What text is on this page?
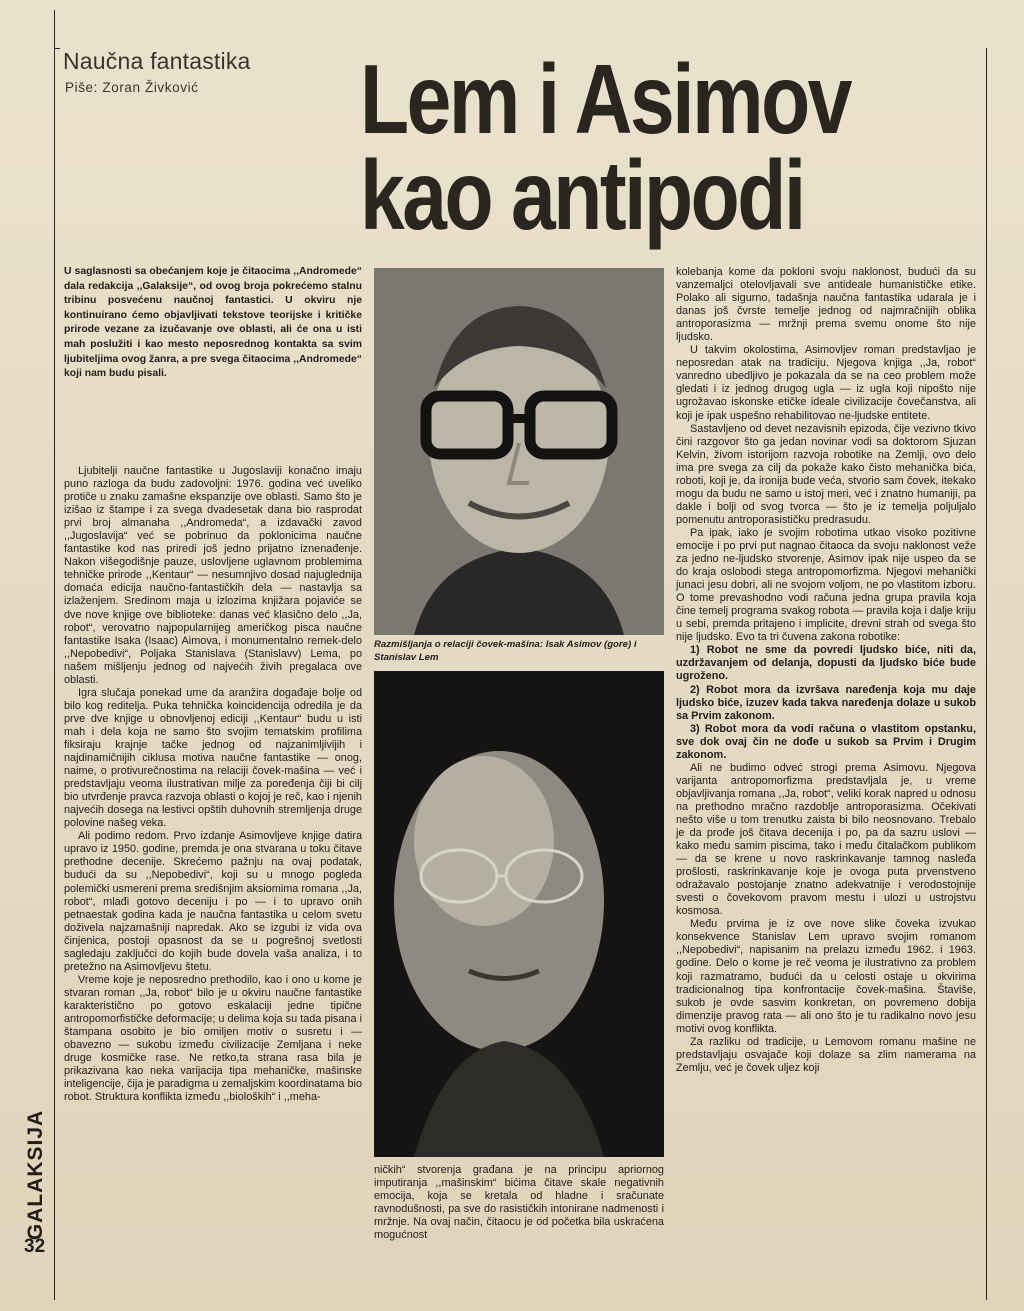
Naučna fantastika
Piše: Zoran Živković Lem i Asimov
kao antipodi
U saglasnosti sa obećanjem koje je čitaocima ,,Andromede“ dala redakcija ,,Galaksije“, od ovog broja pokrećemo stalnu tribinu posvećenu naučnoj fantastici. U okviru nje kontinuirano ćemo objavljivati tekstove teorijske i kritičke prirode vezane za izučavanje ove oblasti, ali će ona u isti mah poslužiti i kao mesto neposrednog kontakta sa svim ljubiteljima ovog žanra, a pre svega čitaocima ,,Andromede“ koji nam budu pisali.

Ljubitelji naučne fantastike u Jugoslaviji konačno imaju puno razloga da budu zadovoljni: 1976. godina već uveliko protiče u znaku zamašne ekspanzije ove oblasti. Samo što je izišao iz štampe i za svega dvadesetak dana bio rasprodat prvi broj almanaha ,,Andromeda“, a izdavački zavod ,,Jugoslavija“ već se pobrinuo da poklonicima naučne fantastike kod nas priredi još jedno prijatno iznenađenje. Nakon višegodišnje pauze, uslovljene uglavnom problemima tehničke prirode ,,Kentaur“ — nesumnjivo dosad najuglednija domaća edicija naučno-fantastičkih dela — nastavlja sa izlaženjem. Sredinom maja u izlozima knjižara pojaviće se dve nove knjige ove biblioteke: danas već klasično delo ,,Ja, robot“, verovatno najpopularnijeg američkog pisca naučne fantastike Isaka (Isaac) Aimova, i monumentalno remek-delo ,,Nepobedivi“, Poljaka Stanislava (Stanislavv) Lema, po našem mišljenju jednog od najvećih živih pregalaca ove oblasti.

Igra slučaja ponekad ume da aranžira događaje bolje od bilo kog reditelja. Puka tehnička koincidencija odredila je da prve dve knjige u obnovljenoj ediciji ,,Kentaur“ budu u isti mah i dela koja ne samo što svojim tematskim profilima fiksiraju krajnje tačke jednog od najzanimljivijih i najdinamičnijih ciklusa motiva naučne fantastike — onog, naime, o protivurečnostima na relaciji čovek-mašina — već i predstavljaju veoma ilustrativan milje za poređenja čiji bi cilj bio utvrđenje pravca razvoja oblasti o kojoj je reč, kao i njenih najvećih dosega na lestivci opštih duhovnih stremljenja druge polovine našeg veka.

Ali podimo redom. Prvo izdanje Asimovljeve knjige datira upravo iz 1950. godine, premda je ona stvarana u toku čitave prethodne decenije. Skrećemo pažnju na ovaj podatak, budući da su ,,Nepobedivi“, koji su u mnogo pogleda polemički usmereni prema središnjim aksiomima romana ,,Ja, robot“, mlađi gotovo deceniju i po — i to upravo onih petnaestak godina kada je naučna fantastika u celom svetu doživela najzamašniji napredak. Ako se izgubi iz vida ova činjenica, postoji opasnost da se u pogrešnoj svetlosti sagledaju zaključci do kojih bude dovela vaša analiza, i to pretežno na Asimovljevu štetu.

Vreme koje je neposredno prethodilo, kao i ono u kome je stvaran roman ,,Ja, robot“ bilo je u okviru naučne fantastike karakteristično po gotovo eskalaciji jedne tipične antropomorfističke deformacije; u delima koja su tada pisana i štampana osobito je bio omiljen motiv o susretu i — obavezno — sukobu između civilizacije Zemljana i neke druge kosmičke rase. Ne retko,ta strana rasa bila je prikazivana kao neka varijacija tipa mehaničke, mašinske inteligencije, čija je paradigma u zemaljskim koordinatama bio robot. Struktura konflikta između ,,bioloških“ i ,,meha-

Razmišljanja o relaciji čovek-mašina: Isak Asimov (gore) i Stanislav Lem

ničkih“ stvorenja građana je na principu apriornog imputiranja ,,mašinskim“ bićima čitave skale negativnih emocija, koja se kretala od hladne i sračunate ravnodušnosti, pa sve do rasističkih intonirane nadmenosti i mržnje. Na ovaj način, čitaocu je od početka bila uskraćena mogućnost

kolebanja kome da pokloni svoju naklonost, budući da su vanzemaljci otelovljavali sve antideale humanističke etike. Polako ali sigurno, tadašnja naučna fantastika udarala je i danas još čvrste temelje jednog od najmračnijih oblika antroporasizma — mržnji prema svemu onome što nije ljudsko.

U takvim okolostima, Asimovljev roman predstavljao je neposredan atak na tradiciju. Njegova knjiga ,,Ja, robot“ vanredno ubedljivo je pokazala da se na ceo problem može gledati i iz jednog drugog ugla — iz ugla koji nipošto nije ugrožavao iskonske etičke ideale civilizacije čovečanstva, ali koji je ipak uspešno rehabilitovao ne-ljudske entitete.

Sastavljeno od devet nezavisnih epizoda, čije vezivno tkivo čini razgovor što ga jedan novinar vodi sa doktorom Sjuzan Kelvin, živom istorijom razvoja robotike na Zemlji, ovo delo ima pre svega za cilj da pokaže kako čisto mehanička bića, roboti, koji je, da ironija bude veća, stvorio sam čovek, itekako mogu da budu ne samo u istoj meri, već i znatno humaniji, pa dakle i bolji od svog tvorca — što je iz temelja poljuljalo pomenutu antroporasističku predrasudu.

Pa ipak, iako je svojim robotima utkao visoko pozitivne emocije i po prvi put nagnao čitaoca da svoju naklonost veže za jedno ne-ljudsko stvorenje, Asimov ipak nije uspeo da se do kraja oslobodi stega antropomorfizma. Njegovi mehanički junaci jesu dobri, ali ne svojom voljom, ne po vlastitom izboru. O tome prevashodno vodi računa jedna grupa pravila koja čine temelj programa svakog robota — pravila koja i dalje kriju u sebi, premda pritajeno i implicite, drevni strah od svega što nije ljudsko. Evo ta tri čuvena zakona robotike:

1) Robot ne sme da povredi ljudsko biće, niti da, uzdržavanjem od delanja, dopusti da ljudsko biće bude ugroženo.

2) Robot mora da izvršava naređenja koja mu daje ljudsko biće, izuzev kada takva naređenja dolaze u sukob sa Prvim zakonom.

3) Robot mora da vodi računa o vlastitom opstanku, sve dok ovaj čin ne dođe u sukob sa Prvim i Drugim zakonom.

Ali ne budimo odveć strogi prema Asimovu. Njegova varijanta antropomorfizma predstavljala je, u vreme objavljivanja romana ,,Ja, robot“, veliki korak napred u odnosu na prethodno mračno razdoblje antroporasizma. Očekivati nešto više u tom trenutku zaista bi bilo neosnovano. Trebalo je da prođe još čitava decenija i po, pa da sazru uslovi — kako među samim piscima, tako i među čitalačkom publikom — da se krene u novo raskrinkavanje tamnog nasleđa prošlosti, raskrinkavanje koje je ovoga puta prvenstveno odražavalo postojanje znatno adekvatnije i verodostojnije svesti o čovekovom pravom mestu i ulozi u ustrojstvu kosmosa.

Među prvima je iz ove nove slike čoveka izvukao konsekvence Stanislav Lem upravo svojim romanom ,,Nepobedivi“, napisanim na prelazu između 1962. i 1963. godine. Delo o kome je reč veoma je ilustrativno za problem koji razmatramo, budući da u celosti ostaje u okvirima tradicionalnog tipa konfrontacije čovek-mašina. Štaviše, sukob je ovde sasvim konkretan, on povremeno dobija dimenzije pravog rata — ali ono što je tu radikalno novo jesu motivi ovog konflikta.

Za razliku od tradicije, u Lemovom romanu mašine ne predstavljaju osvajače koji dolaze sa zlim namerama na Zemlju, već je čovek uljez koji

GALAKSIJA
32
